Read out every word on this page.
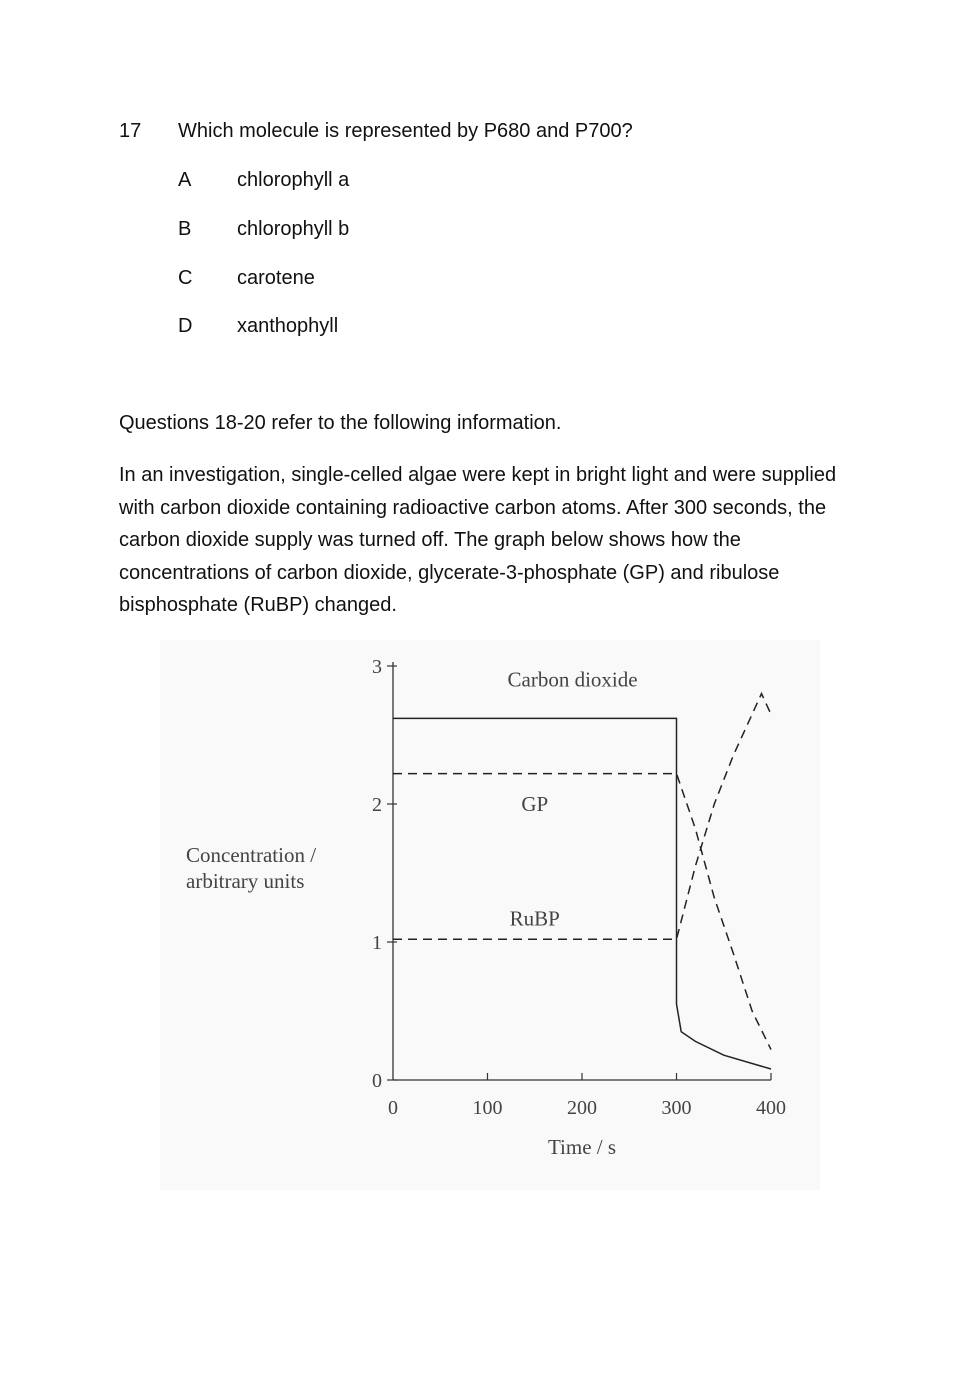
17 Which molecule is represented by P680 and P700?
A chlorophyll a
B chlorophyll b
C carotene
D xanthophyll
Questions 18-20 refer to the following information.
In an investigation, single-celled algae were kept in bright light and were supplied with carbon dioxide containing radioactive carbon atoms. After 300 seconds, the carbon dioxide supply was turned off. The graph below shows how the concentrations of carbon dioxide, glycerate-3-phosphate (GP) and ribulose bisphosphate (RuBP) changed.
0
1
2
3
0	100	200	300	400
Time / s
Concentration /
arbitrary units
Carbon dioxide
GP
RuBP
